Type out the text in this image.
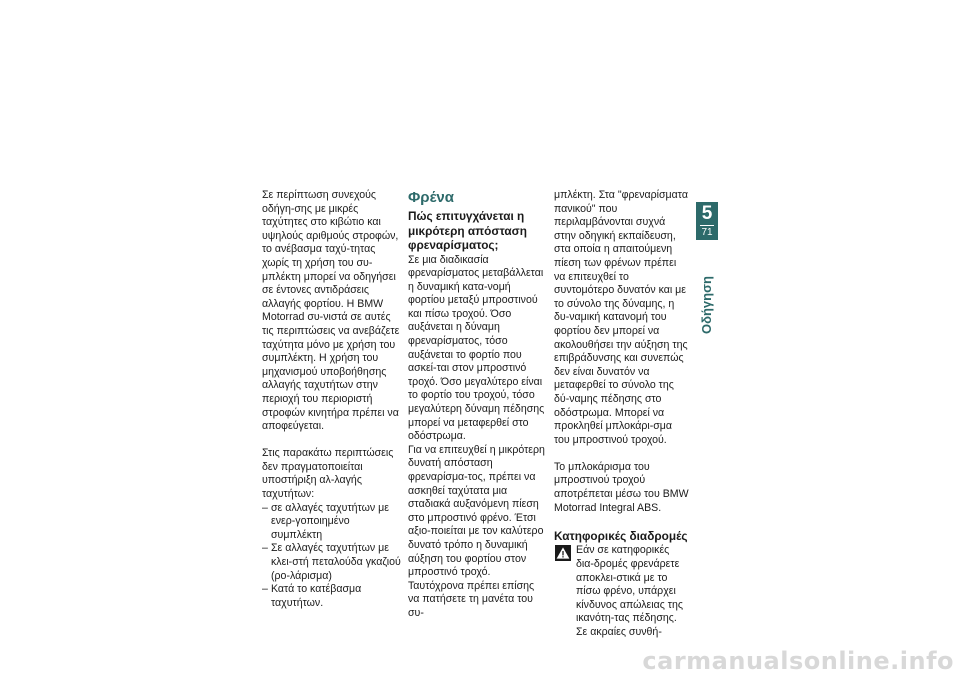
Σε περίπτωση συνεχούς οδήγη-σης με μικρές ταχύτητες στο κιβώτιο και υψηλούς αριθμούς στροφών, το ανέβασμα ταχύ-τητας χωρίς τη χρήση του συ-μπλέκτη μπορεί να οδηγήσει σε έντονες αντιδράσεις αλλαγής φορτίου. Η BMW Motorrad συ-νιστά σε αυτές τις περιπτώσεις να ανεβάζετε ταχύτητα μόνο με χρήση του συμπλέκτη. Η χρήση του μηχανισμού υποβοήθησης αλλαγής ταχυτήτων στην περιοχή του περιοριστή στροφών κινητήρα πρέπει να αποφεύγεται.

Στις παρακάτω περιπτώσεις δεν πραγματοποιείται υποστήριξη αλ-λαγής ταχυτήτων:

– σε αλλαγές ταχυτήτων με ενερ-γοποιημένο συμπλέκτη
– Σε αλλαγές ταχυτήτων με κλει-στή πεταλούδα γκαζιού (ρο-λάρισμα)
– Κατά το κατέβασμα ταχυτήτων.
Φρένα
Πώς επιτυγχάνεται η μικρότερη απόσταση φρεναρίσματος;

Σε μια διαδικασία φρεναρίσματος μεταβάλλεται η δυναμική κατα-νομή φορτίου μεταξύ μπροστινού και πίσω τροχού. Όσο αυξάνεται η δύναμη φρεναρίσματος, τόσο αυξάνεται το φορτίο που ασκεί-ται στον μπροστινό τροχό. Όσο μεγαλύτερο είναι το φορτίο του τροχού, τόσο μεγαλύτερη δύναμη πέδησης μπορεί να μεταφερθεί στο οδόστρωμα.

Για να επιτευχθεί η μικρότερη δυνατή απόσταση φρεναρίσμα-τος, πρέπει να ασκηθεί ταχύτατα μια σταδιακά αυξανόμενη πίεση στο μπροστινό φρένο. Έτσι αξιο-ποιείται με τον καλύτερο δυνατό τρόπο η δυναμική αύξηση του φορτίου στον μπροστινό τροχό. Ταυτόχρονα πρέπει επίσης να πατήσετε τη μανέτα του συ-

μπλέκτη. Στα "φρεναρίσματα πανικού" που περιλαμβάνονται συχνά στην οδηγική εκπαίδευση, στα οποία η απαιτούμενη πίεση των φρένων πρέπει να επιτευχθεί το συντομότερο δυνατόν και με το σύνολο της δύναμης, η δυ-ναμική κατανομή του φορτίου δεν μπορεί να ακολουθήσει την αύξηση της επιβράδυνσης και συνεπώς δεν είναι δυνατόν να μεταφερθεί το σύνολο της δύ-ναμης πέδησης στο οδόστρωμα. Μπορεί να προκληθεί μπλοκάρι-σμα του μπροστινού τροχού.

Το μπλοκάρισμα του μπροστινού τροχού αποτρέπεται μέσω του BMW Motorrad Integral ABS.

Κατηφορικές διαδρομές
Εάν σε κατηφορικές δια-δρομές φρενάρετε αποκλει-στικά με το πίσω φρένο, υπάρχει κίνδυνος απώλειας της ικανότη-τας πέδησης. Σε ακραίες συνθή-
5
71
Οδήγηση
carmanualsonline.info
